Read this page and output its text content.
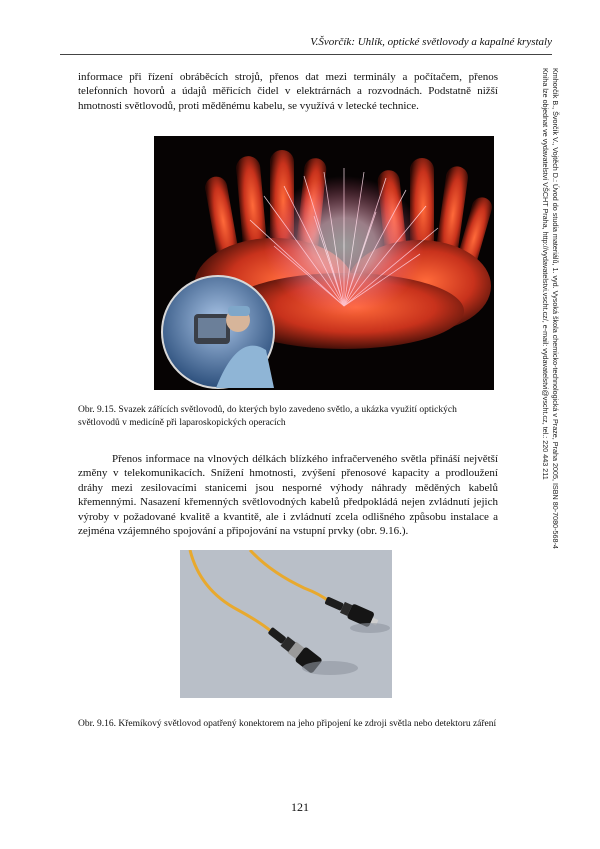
V.Švorčík: Uhlík, optické světlovody a kapalné krystaly

informace při řízení obráběcích strojů, přenos dat mezi terminály a počítačem, přenos telefonních hovorů a údajů měřicích čidel v elektrárnách a rozvodnách. Podstatně nižší hmotnosti světlovodů, proti měděnému kabelu, se využívá v letecké technice.

Obr. 9.15. Svazek zářících světlovodů, do kterých bylo zavedeno světlo, a ukázka využití optických světlovodů v medicíně při laparoskopických operacích

Přenos informace na vlnových délkách blízkého infračerveného světla přináší největší změny v telekomunikacích. Snížení hmotnosti, zvýšení přenosové kapacity a prodloužení dráhy mezi zesilovacími stanicemi jsou nesporné výhody náhrady měděných kabelů křemennými. Nasazení křemenných světlovodných kabelů předpokládá nejen zvládnutí jejich výroby v požadované kvalitě a kvantitě, ale i zvládnutí zcela odlišného způsobu instalace a zejména vzájemného spojování a připojování na vstupní prvky (obr. 9.16.).

Obr. 9.16. Křemíkový světlovod opatřený konektorem na jeho připojení ke zdroji světla nebo detektoru záření

Kmhorčík B., Švorčík V., Vojtěch D.: Úvod do studia materiálů, 1. vyd. Vysoká škola chemicko-technologická v Praze, Praha 2005, ISBN 80-7080-568-4
Kniha lze objednat ve vydavatelství VŠCHT Praha, http://vydavatelstvi.vscht.cz/, e-mail: vydavatelstvi@vscht.cz, tel.: 220 443 211
121
